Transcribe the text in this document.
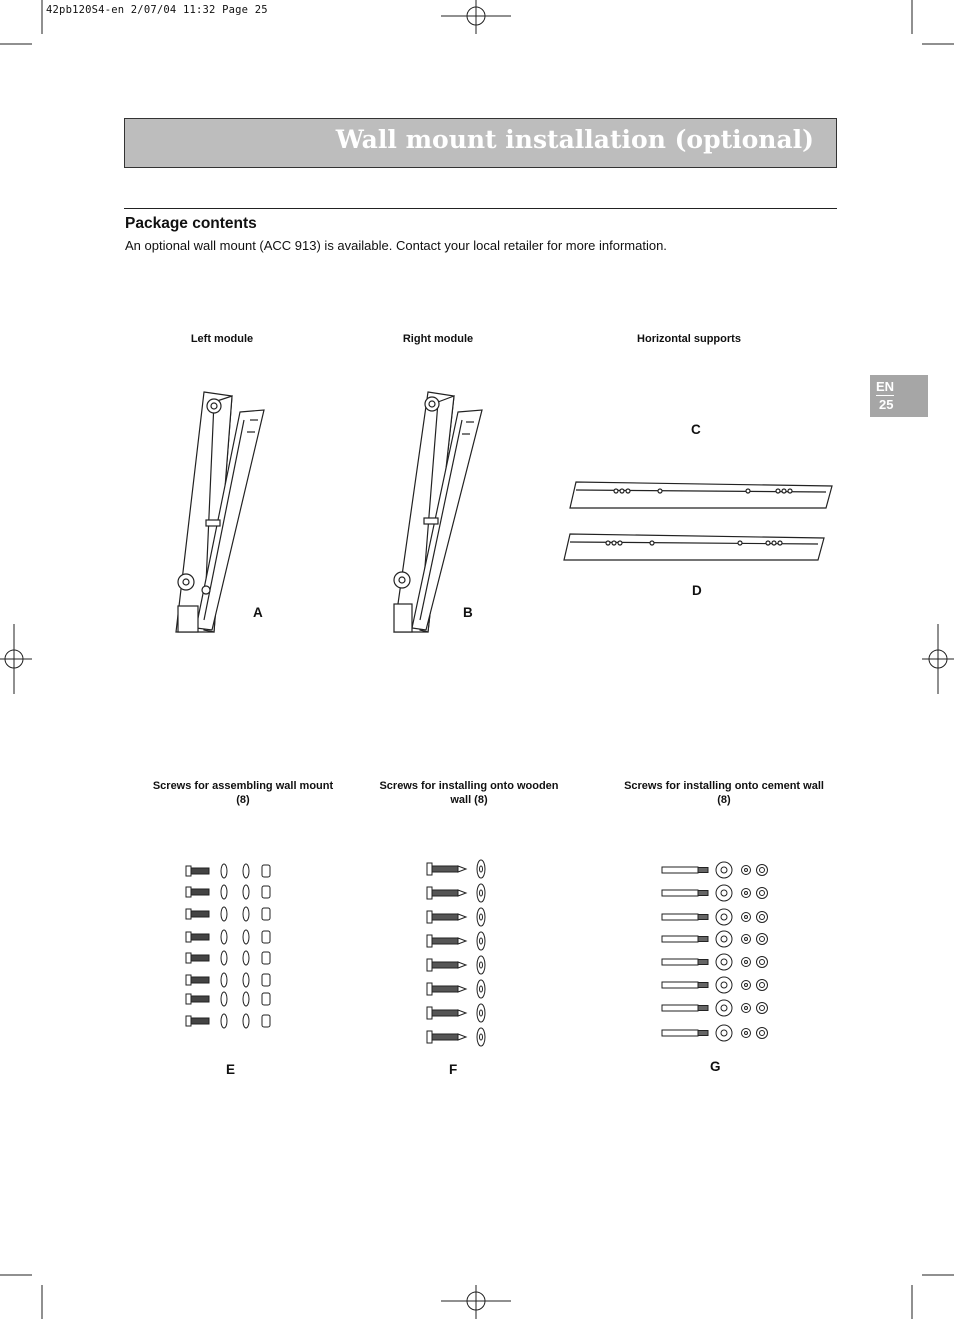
42pb120S4-en 2/07/04 11:32 Page 25
Wall mount installation (optional)
Package contents
An optional wall mount (ACC 913) is available. Contact your local retailer for more information.
EN
25
Left module	Right module	Horizontal supports
A	B
C
D
Screws for assembling wall mount
(8)
Screws for installing onto wooden
wall (8)
Screws for installing onto cement wall
(8)
E	F	G
